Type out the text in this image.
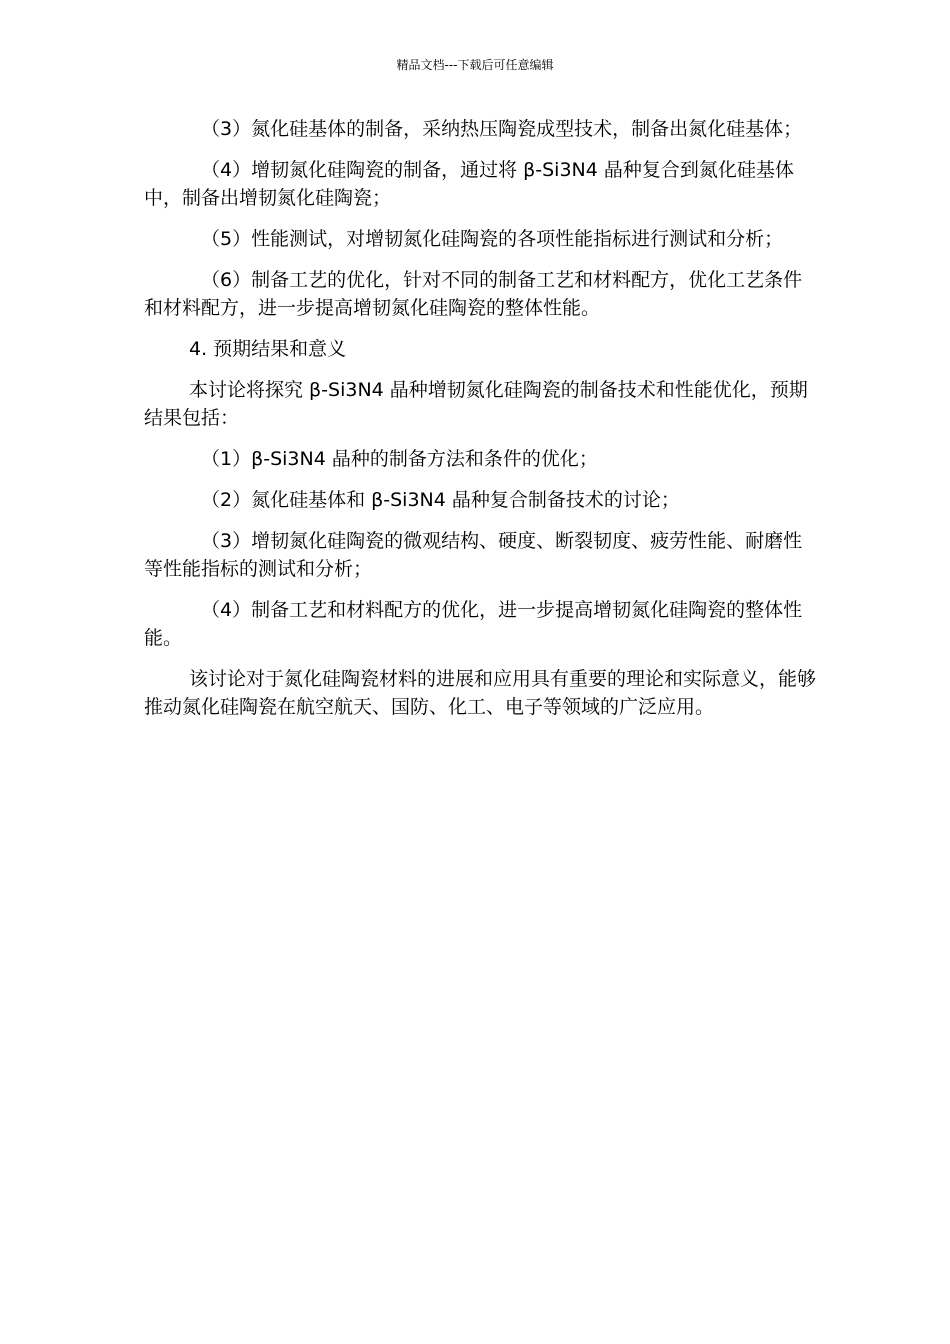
精品文档---下载后可任意编辑

（3）氮化硅基体的制备，采纳热压陶瓷成型技术，制备出氮化硅基体；

（4）增韧氮化硅陶瓷的制备，通过将 β-Si3N4 晶种复合到氮化硅基体中，制备出增韧氮化硅陶瓷；

（5）性能测试，对增韧氮化硅陶瓷的各项性能指标进行测试和分析；

（6）制备工艺的优化，针对不同的制备工艺和材料配方，优化工艺条件和材料配方，进一步提高增韧氮化硅陶瓷的整体性能。

4. 预期结果和意义

本讨论将探究 β-Si3N4 晶种增韧氮化硅陶瓷的制备技术和性能优化，预期结果包括：

（1）β-Si3N4 晶种的制备方法和条件的优化；

（2）氮化硅基体和 β-Si3N4 晶种复合制备技术的讨论；

（3）增韧氮化硅陶瓷的微观结构、硬度、断裂韧度、疲劳性能、耐磨性等性能指标的测试和分析；

（4）制备工艺和材料配方的优化，进一步提高增韧氮化硅陶瓷的整体性能。

该讨论对于氮化硅陶瓷材料的进展和应用具有重要的理论和实际意义，能够推动氮化硅陶瓷在航空航天、国防、化工、电子等领域的广泛应用。
